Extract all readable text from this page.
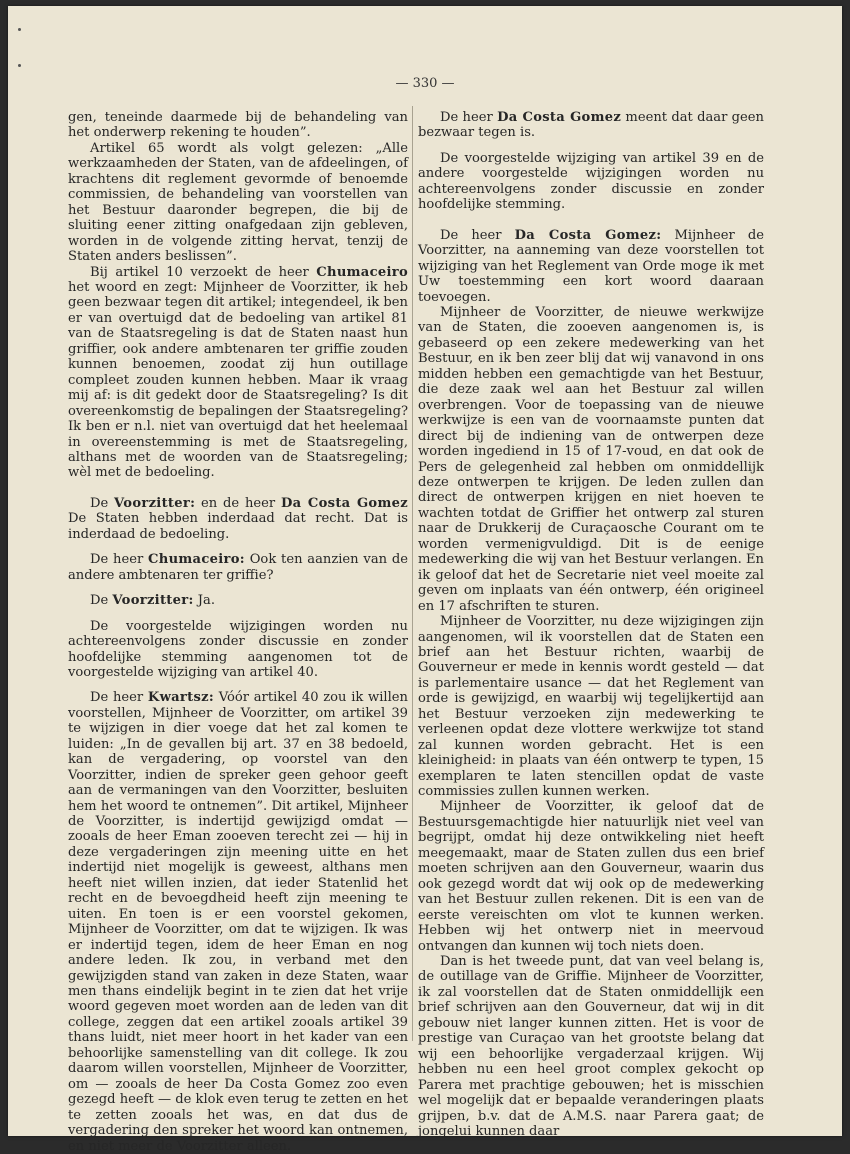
— 330 —

gen, teneinde daarmede bij de behandeling van het onderwerp rekening te houden”.

Artikel 65 wordt als volgt gelezen: „Alle werkzaamheden der Staten, van de afdeelingen, of krachtens dit reglement gevormde of benoemde commissien, de behandeling van voorstellen van het Bestuur daaronder begrepen, die bij de sluiting eener zitting onafgedaan zijn gebleven, worden in de volgende zitting hervat, tenzij de Staten anders beslissen”.

Bij artikel 10 verzoekt de heer Chumaceiro het woord en zegt: Mijnheer de Voorzitter, ik heb geen bezwaar tegen dit artikel; integendeel, ik ben er van overtuigd dat de bedoeling van artikel 81 van de Staatsregeling is dat de Staten naast hun griffier, ook andere ambtenaren ter griffie zouden kunnen benoemen, zoodat zij hun outillage compleet zouden kunnen hebben. Maar ik vraag mij af: is dit gedekt door de Staatsregeling? Is dit overeenkomstig de bepalingen der Staatsregeling? Ik ben er n.l. niet van overtuigd dat het heelemaal in overeenstemming is met de Staatsregeling, althans met de woorden van de Staatsregeling; wèl met de bedoeling.

De Voorzitter: en de heer Da Costa Gomez De Staten hebben inderdaad dat recht. Dat is inderdaad de bedoeling.

De heer Chumaceiro: Ook ten aanzien van de andere ambtenaren ter griffie?

De Voorzitter: Ja.

De voorgestelde wijzigingen worden nu achtereenvolgens zonder discussie en zonder hoofdelijke stemming aangenomen tot de voorgestelde wijziging van artikel 40.

De heer Kwartsz: Vóór artikel 40 zou ik willen voorstellen, Mijnheer de Voorzitter, om artikel 39 te wijzigen in dier voege dat het zal komen te luiden: „In de gevallen bij art. 37 en 38 bedoeld, kan de vergadering, op voorstel van den Voorzitter, indien de spreker geen gehoor geeft aan de vermaningen van den Voorzitter, besluiten hem het woord te ontnemen”. Dit artikel, Mijnheer de Voorzitter, is indertijd gewijzigd omdat — zooals de heer Eman zooeven terecht zei — hij in deze vergaderingen zijn meening uitte en het indertijd niet mogelijk is geweest, althans men heeft niet willen inzien, dat ieder Statenlid het recht en de bevoegdheid heeft zijn meening te uiten. En toen is er een voorstel gekomen, Mijnheer de Voorzitter, om dat te wijzigen. Ik was er indertijd tegen, idem de heer Eman en nog andere leden. Ik zou, in verband met den gewijzigden stand van zaken in deze Staten, waar men thans eindelijk begint in te zien dat het vrije woord gegeven moet worden aan de leden van dit college, zeggen dat een artikel zooals artikel 39 thans luidt, niet meer hoort in het kader van een behoorlijke samenstelling van dit college. Ik zou daarom willen voorstellen, Mijnheer de Voorzitter, om — zooals de heer Da Costa Gomez zoo even gezegd heeft — de klok even terug te zetten en het te zetten zooals het was, en dat dus de vergadering den spreker het woord kan ontnemen, en niet meer de Voorzitter alleen.

De heer Da Costa Gomez meent dat daar geen bezwaar tegen is.

De voorgestelde wijziging van artikel 39 en de andere voorgestelde wijzigingen worden nu achtereenvolgens zonder discussie en zonder hoofdelijke stemming.

De heer Da Costa Gomez: Mijnheer de Voorzitter, na aanneming van deze voorstellen tot wijziging van het Reglement van Orde moge ik met Uw toestemming een kort woord daaraan toevoegen.

Mijnheer de Voorzitter, de nieuwe werkwijze van de Staten, die zooeven aangenomen is, is gebaseerd op een zekere medewerking van het Bestuur, en ik ben zeer blij dat wij vanavond in ons midden hebben een gemachtigde van het Bestuur, die deze zaak wel aan het Bestuur zal willen overbrengen. Voor de toepassing van de nieuwe werkwijze is een van de voornaamste punten dat direct bij de indiening van de ontwerpen deze worden ingediend in 15 of 17-voud, en dat ook de Pers de gelegenheid zal hebben om onmiddellijk deze ontwerpen te krijgen. De leden zullen dan direct de ontwerpen krijgen en niet hoeven te wachten totdat de Griffier het ontwerp zal sturen naar de Drukkerij de Curaçaosche Courant om te worden vermenigvuldigd. Dit is de eenige medewerking die wij van het Bestuur verlangen. En ik geloof dat het de Secretarie niet veel moeite zal geven om inplaats van één ontwerp, één origineel en 17 afschriften te sturen.

Mijnheer de Voorzitter, nu deze wijzigingen zijn aangenomen, wil ik voorstellen dat de Staten een brief aan het Bestuur richten, waarbij de Gouverneur er mede in kennis wordt gesteld — dat is parlementaire usance — dat het Reglement van orde is gewijzigd, en waarbij wij tegelijkertijd aan het Bestuur verzoeken zijn medewerking te verleenen opdat deze vlottere werkwijze tot stand zal kunnen worden gebracht. Het is een kleinigheid: in plaats van één ontwerp te typen, 15 exemplaren te laten stencillen opdat de vaste commissies zullen kunnen werken.

Mijnheer de Voorzitter, ik geloof dat de Bestuursgemachtigde hier natuurlijk niet veel van begrijpt, omdat hij deze ontwikkeling niet heeft meegemaakt, maar de Staten zullen dus een brief moeten schrijven aan den Gouverneur, waarin dus ook gezegd wordt dat wij ook op de medewerking van het Bestuur zullen rekenen. Dit is een van de eerste vereischten om vlot te kunnen werken. Hebben wij het ontwerp niet in meervoud ontvangen dan kunnen wij toch niets doen.

Dan is het tweede punt, dat van veel belang is, de outillage van de Griffie. Mijnheer de Voorzitter, ik zal voorstellen dat de Staten onmiddellijk een brief schrijven aan den Gouverneur, dat wij in dit gebouw niet langer kunnen zitten. Het is voor de prestige van Curaçao van het grootste belang dat wij een behoorlijke vergaderzaal krijgen. Wij hebben nu een heel groot complex gekocht op Parera met prachtige gebouwen; het is misschien wel mogelijk dat er bepaalde veranderingen plaats grijpen, b.v. dat de A.M.S. naar Parera gaat; de jongelui kunnen daar
